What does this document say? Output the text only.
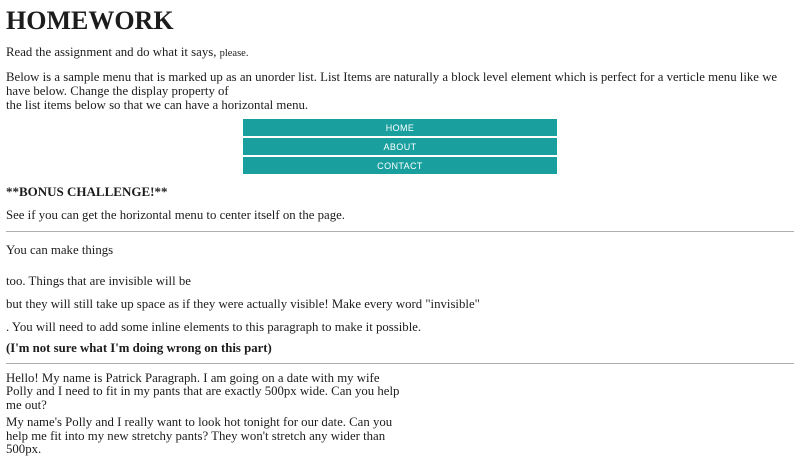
HOMEWORK

Read the assignment and do what it says, please.

Below is a sample menu that is marked up as an unorder list. List Items are naturally a block level element which is perfect for a verticle menu like we have below. Change the display property of
the list items below so that we can have a horizontal menu.

HOME
ABOUT
CONTACT
**BONUS CHALLENGE!**

See if you can get the horizontal menu to center itself on the page.

You can make things

too. Things that are invisible will be

but they will still take up space as if they were actually visible! Make every word "invisible"

. You will need to add some inline elements to this paragraph to make it possible.

(I'm not sure what I'm doing wrong on this part)

Hello! My name is Patrick Paragraph. I am going on a date with my wife
Polly and I need to fit in my pants that are exactly 500px wide. Can you help
me out?

My name's Polly and I really want to look hot tonight for our date. Can you
help me fit into my new stretchy pants? They won't stretch any wider than
500px.
